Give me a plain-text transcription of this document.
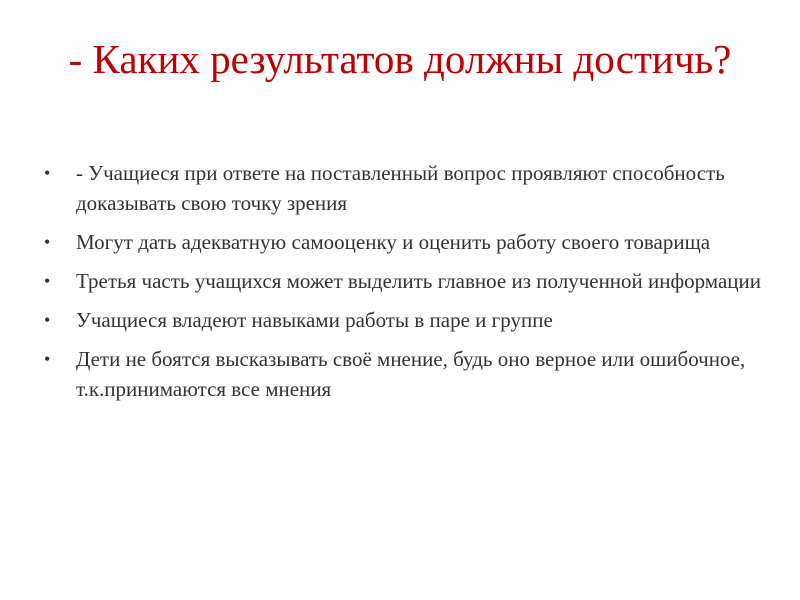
- Каких результатов должны достичь?
• - Учащиеся при ответе на поставленный вопрос проявляют способность доказывать свою точку зрения
• Могут дать адекватную самооценку и оценить работу своего товарища
• Третья часть учащихся может выделить главное из полученной информации
• Учащиеся владеют навыками работы в паре и группе
• Дети не боятся высказывать своё мнение, будь оно верное или ошибочное, т.к.принимаются все мнения
